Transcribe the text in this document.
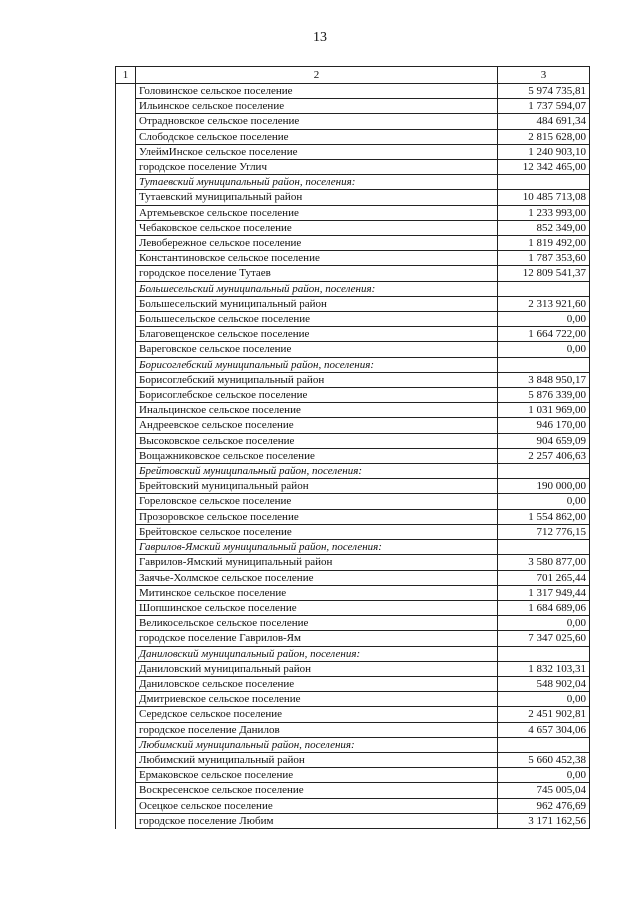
13
1	2	3
	Головинское сельское поселение	5 974 735,81
	Ильинское сельское поселение	1 737 594,07
	Отрадновское сельское поселение	484 691,34
	Слободское сельское поселение	2 815 628,00
	УлеймИнское сельское поселение	1 240 903,10
	городское поселение Углич	12 342 465,00
	Тутаевский муниципальный район, поселения:	
	Тутаевский муниципальный район	10 485 713,08
	Артемьевское сельское поселение	1 233 993,00
	Чебаковское сельское поселение	852 349,00
	Левобережное сельское поселение	1 819 492,00
	Константиновское сельское поселение	1 787 353,60
	городское поселение Тутаев	12 809 541,37
	Большесельский муниципальный район, поселения:	
	Большесельский муниципальный район	2 313 921,60
	Большесельское сельское поселение	0,00
	Благовещенское сельское поселение	1 664 722,00
	Вареговское сельское поселение	0,00
	Борисоглебский муниципальный район, поселения:	
	Борисоглебский муниципальный район	3 848 950,17
	Борисоглебское сельское поселение	5 876 339,00
	Инальцинское сельское поселение	1 031 969,00
	Андреевское сельское поселение	946 170,00
	Высоковское сельское поселение	904 659,09
	Вощажниковское сельское поселение	2 257 406,63
	Брейтовский муниципальный район, поселения:	
	Брейтовский муниципальный район	190 000,00
	Гореловское сельское поселение	0,00
	Прозоровское сельское поселение	1 554 862,00
	Брейтовское сельское поселение	712 776,15
	Гаврилов-Ямский муниципальный район, поселения:	
	Гаврилов-Ямский муниципальный район	3 580 877,00
	Заячье-Холмское сельское поселение	701 265,44
	Митинское сельское поселение	1 317 949,44
	Шопшинское сельское поселение	1 684 689,06
	Великосельское сельское поселение	0,00
	городское поселение Гаврилов-Ям	7 347 025,60
	Даниловский муниципальный район, поселения:	
	Даниловский муниципальный район	1 832 103,31
	Даниловское сельское поселение	548 902,04
	Дмитриевское сельское поселение	0,00
	Середское сельское поселение	2 451 902,81
	городское поселение Данилов	4 657 304,06
	Любимский муниципальный район, поселения:	
	Любимский муниципальный район	5 660 452,38
	Ермаковское сельское поселение	0,00
	Воскресенское сельское поселение	745 005,04
	Осецкое сельское поселение	962 476,69
	городское поселение Любим	3 171 162,56
